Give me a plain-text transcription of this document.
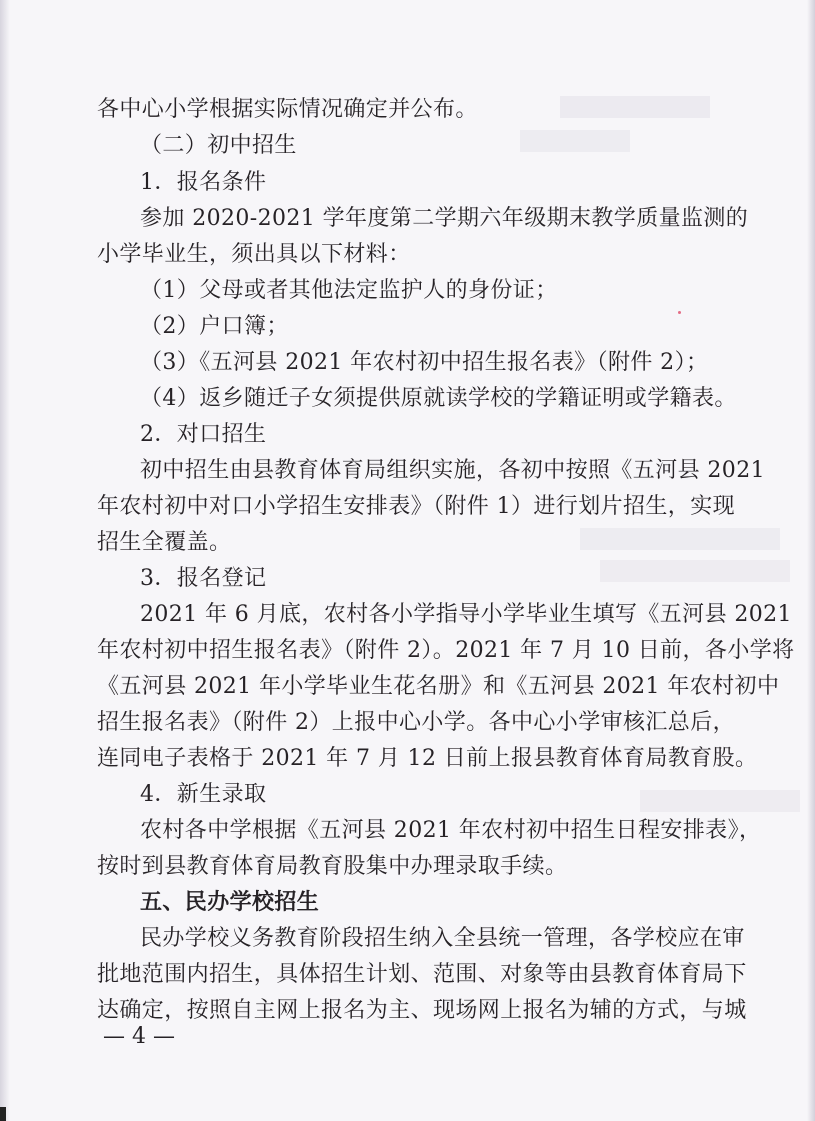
各中心小学根据实际情况确定并公布。
（二）初中招生
1．报名条件
参加 2020-2021 学年度第二学期六年级期末教学质量监测的
小学毕业生，须出具以下材料：
（1）父母或者其他法定监护人的身份证；
（2）户口簿；
（3）《五河县 2021 年农村初中招生报名表》（附件 2）；
（4）返乡随迁子女须提供原就读学校的学籍证明或学籍表。
2．对口招生
初中招生由县教育体育局组织实施，各初中按照《五河县 2021
年农村初中对口小学招生安排表》（附件 1）进行划片招生，实现
招生全覆盖。
3．报名登记
2021 年 6 月底，农村各小学指导小学毕业生填写《五河县 2021
年农村初中招生报名表》（附件 2）。2021 年 7 月 10 日前，各小学将
《五河县 2021 年小学毕业生花名册》和《五河县 2021 年农村初中
招生报名表》（附件 2）上报中心小学。各中心小学审核汇总后，
连同电子表格于 2021 年 7 月 12 日前上报县教育体育局教育股。
4．新生录取
农村各中学根据《五河县 2021 年农村初中招生日程安排表》，
按时到县教育体育局教育股集中办理录取手续。
五、民办学校招生
民办学校义务教育阶段招生纳入全县统一管理，各学校应在审
批地范围内招生，具体招生计划、范围、对象等由县教育体育局下
达确定，按照自主网上报名为主、现场网上报名为辅的方式，与城
— 4 —
